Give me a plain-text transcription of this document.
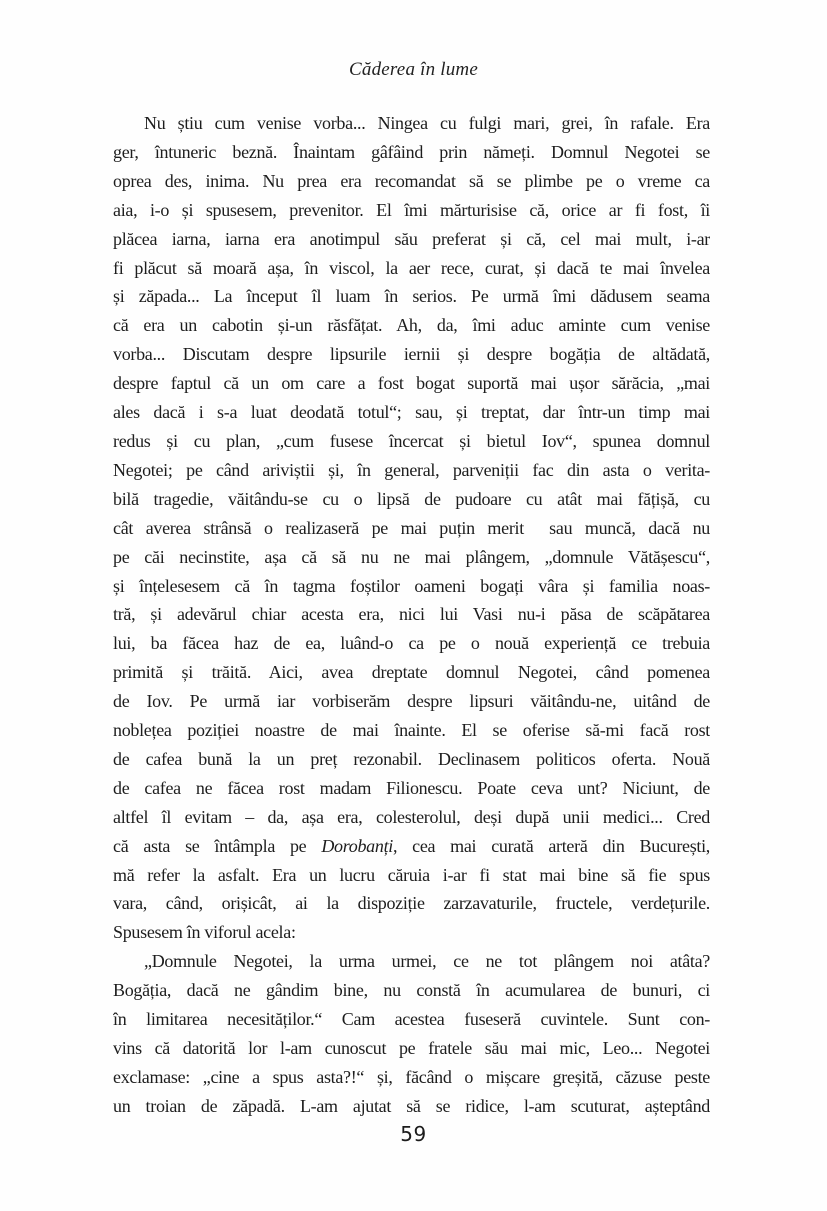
Căderea în lume
Nu știu cum venise vorba... Ningea cu fulgi mari, grei, în rafale. Era
ger, întuneric beznă. Înaintam gâfâind prin nămeți. Domnul Negotei se
oprea des, inima. Nu prea era recomandat să se plimbe pe o vreme ca
aia, i-o și spusesem, prevenitor. El îmi mărturisise că, orice ar fi fost, îi
plăcea iarna, iarna era anotimpul său preferat și că, cel mai mult, i-ar
fi plăcut să moară așa, în viscol, la aer rece, curat, și dacă te mai învelea
și zăpada... La început îl luam în serios. Pe urmă îmi dădusem seama
că era un cabotin și-un răsfățat. Ah, da, îmi aduc aminte cum venise
vorba... Discutam despre lipsurile iernii și despre bogăția de altădată,
despre faptul că un om care a fost bogat suportă mai ușor sărăcia, „mai
ales dacă i s-a luat deodată totul“; sau, și treptat, dar într-un timp mai
redus și cu plan, „cum fusese încercat și bietul Iov“, spunea domnul
Negotei; pe când ariviștii și, în general, parveniții fac din asta o verita-
bilă tragedie, văitându-se cu o lipsă de pudoare cu atât mai fățișă, cu
cât averea strânsă o realizaseră pe mai puțin merit  sau muncă, dacă nu
pe căi necinstite, așa că să nu ne mai plângem, „domnule Vătășescu“,
și înțelesesem că în tagma foștilor oameni bogați vâra și familia noas-
tră, și adevărul chiar acesta era, nici lui Vasi nu-i păsa de scăpătarea
lui, ba făcea haz de ea, luând-o ca pe o nouă experiență ce trebuia
primită și trăită. Aici, avea dreptate domnul Negotei, când pomenea
de Iov. Pe urmă iar vorbiserăm despre lipsuri văitându-ne, uitând de
noblețea poziției noastre de mai înainte. El se oferise să-mi facă rost
de cafea bună la un preț rezonabil. Declinasem politicos oferta. Nouă
de cafea ne făcea rost madam Filionescu. Poate ceva unt? Niciunt, de
altfel îl evitam – da, așa era, colesterolul, deși după unii medici... Cred
că asta se întâmpla pe Dorobanți, cea mai curată arteră din București,
mă refer la asfalt. Era un lucru căruia i-ar fi stat mai bine să fie spus
vara, când, orișicât, ai la dispoziție zarzavaturile, fructele, verdețurile.
Spusesem în viforul acela:
„Domnule Negotei, la urma urmei, ce ne tot plângem noi atâta?
Bogăția, dacă ne gândim bine, nu constă în acumularea de bunuri, ci
în limitarea necesităților.“ Cam acestea fuseseră cuvintele. Sunt con-
vins că datorită lor l-am cunoscut pe fratele său mai mic, Leo... Negotei
exclamase: „cine a spus asta?!“ și, făcând o mișcare greșită, căzuse peste
un troian de zăpadă. L-am ajutat să se ridice, l-am scuturat, așteptând
59
